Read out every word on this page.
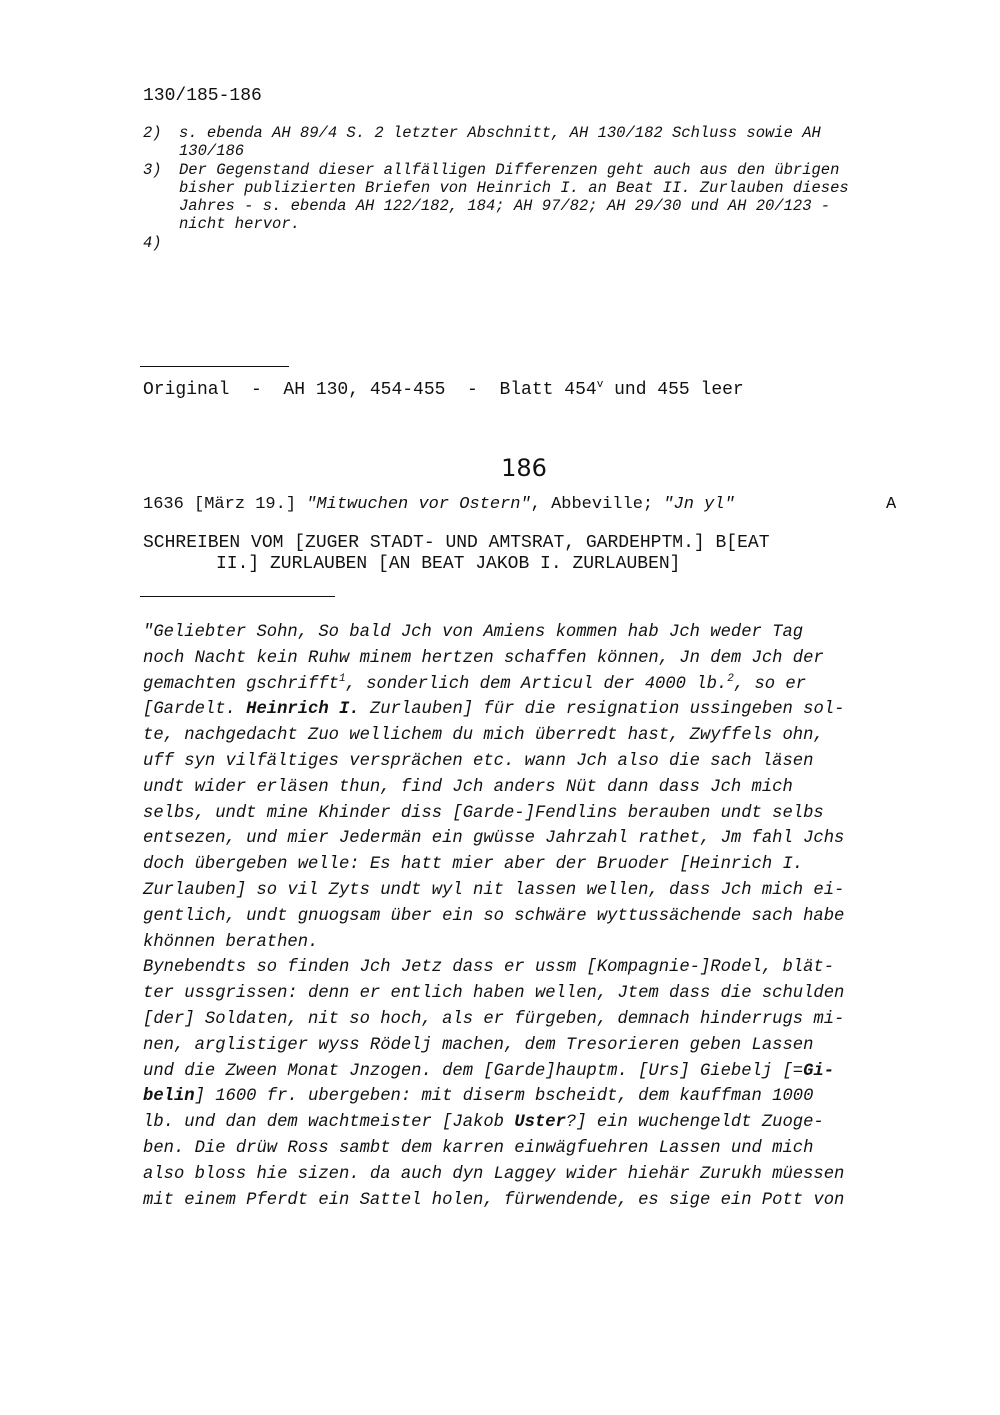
130/185-186
2) s. ebenda AH 89/4 S. 2 letzter Abschnitt, AH 130/182 Schluss sowie AH
130/186
3) Der Gegenstand dieser allfälligen Differenzen geht auch aus den übrigen
bisher publizierten Briefen von Heinrich I. an Beat II. Zurlauben dieses
Jahres - s. ebenda AH 122/182, 184; AH 97/82; AH 29/30 und AH 20/123 -
nicht hervor.
4)
Original  -  AH 130, 454-455  -  Blatt 454$^v$ und 455 leer
186
1636 [März 19.] "Mitwuchen vor Ostern", Abbeville; "Jn yl"	A
SCHREIBEN VOM [ZUGER STADT- UND AMTSRAT, GARDEHPTM.] B[EAT
II.] ZURLAUBEN [AN BEAT JAKOB I. ZURLAUBEN]
"Geliebter Sohn, So bald Jch von Amiens kommen hab Jch weder Tag
noch Nacht kein Ruhw minem hertzen schaffen können, Jn dem Jch der
gemachten gschrifft$^1$, sonderlich dem Articul der 4000 lb.$^2$, so er
[Gardelt. Heinrich I. Zurlauben] für die resignation ussingeben sol-
te, nachgedacht Zuo wellichem du mich überredt hast, Zwyffels ohn,
uff syn vilfältiges versprächen etc. wann Jch also die sach läsen
undt wider erläsen thun, find Jch anders Nüt dann dass Jch mich
selbs, undt mine Khinder diss [Garde-]Fendlins berauben undt selbs
entsezen, und mier Jedermän ein gwüsse Jahrzahl rathet, Jm fahl Jchs
doch übergeben welle: Es hatt mier aber der Bruoder [Heinrich I.
Zurlauben] so vil Zyts undt wyl nit lassen wellen, dass Jch mich ei-
gentlich, undt gnuogsam über ein so schwäre wyttussächende sach habe
khönnen berathen.
Bynebendts so finden Jch Jetz dass er ussm [Kompagnie-]Rodel, blät-
ter ussgrissen: denn er entlich haben wellen, Jtem dass die schulden
[der] Soldaten, nit so hoch, als er fürgeben, demnach hinderrugs mi-
nen, arglistiger wyss Rödelj machen, dem Tresorieren geben Lassen
und die Zween Monat Jnzogen. dem [Garde]hauptm. [Urs] Giebelj [=Gi-
belin] 1600 fr. ubergeben: mit diserm bscheidt, dem kauffman 1000
lb. und dan dem wachtmeister [Jakob Uster?] ein wuchengeldt Zuoge-
ben. Die drüw Ross sambt dem karren einwägfuehren Lassen und mich
also bloss hie sizen. da auch dyn Laggey wider hiehär Zurukh müessen
mit einem Pferdt ein Sattel holen, fürwendende, es sige ein Pott von
